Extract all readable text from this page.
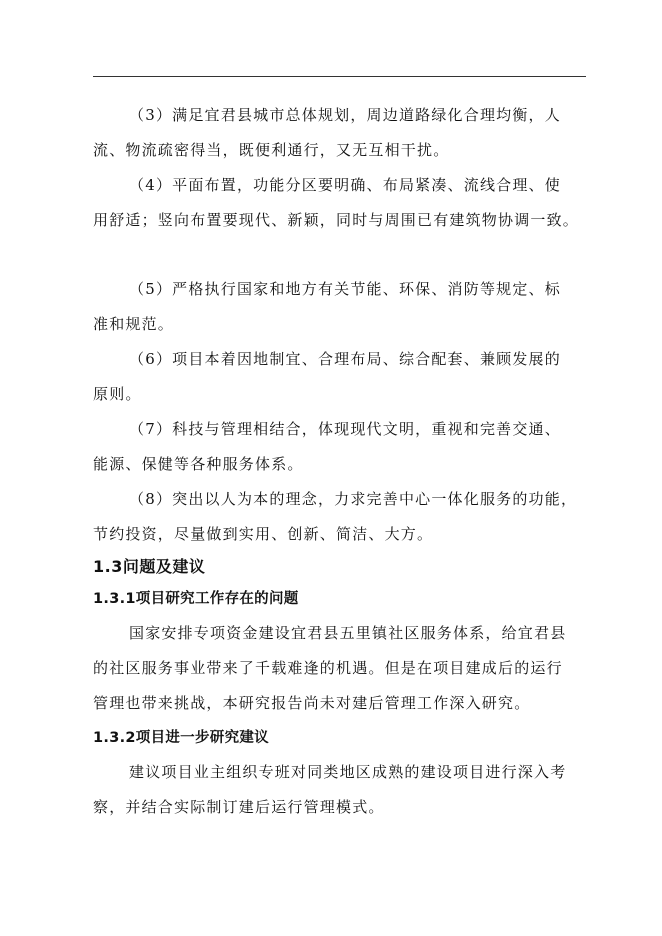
（3）满足宜君县城市总体规划，周边道路绿化合理均衡，人
流、物流疏密得当，既便利通行，又无互相干扰。

（4）平面布置，功能分区要明确、布局紧凑、流线合理、使
用舒适；竖向布置要现代、新颖，同时与周围已有建筑物协调一致。

（5）严格执行国家和地方有关节能、环保、消防等规定、标
准和规范。

（6）项目本着因地制宜、合理布局、综合配套、兼顾发展的
原则。

（7）科技与管理相结合，体现现代文明，重视和完善交通、
能源、保健等各种服务体系。

（8）突出以人为本的理念，力求完善中心一体化服务的功能，
节约投资，尽量做到实用、创新、简洁、大方。

1.3问题及建议
1.3.1项目研究工作存在的问题

国家安排专项资金建设宜君县五里镇社区服务体系，给宜君县
的社区服务事业带来了千载难逢的机遇。但是在项目建成后的运行
管理也带来挑战，本研究报告尚未对建后管理工作深入研究。

1.3.2项目进一步研究建议

建议项目业主组织专班对同类地区成熟的建设项目进行深入考
察，并结合实际制订建后运行管理模式。
